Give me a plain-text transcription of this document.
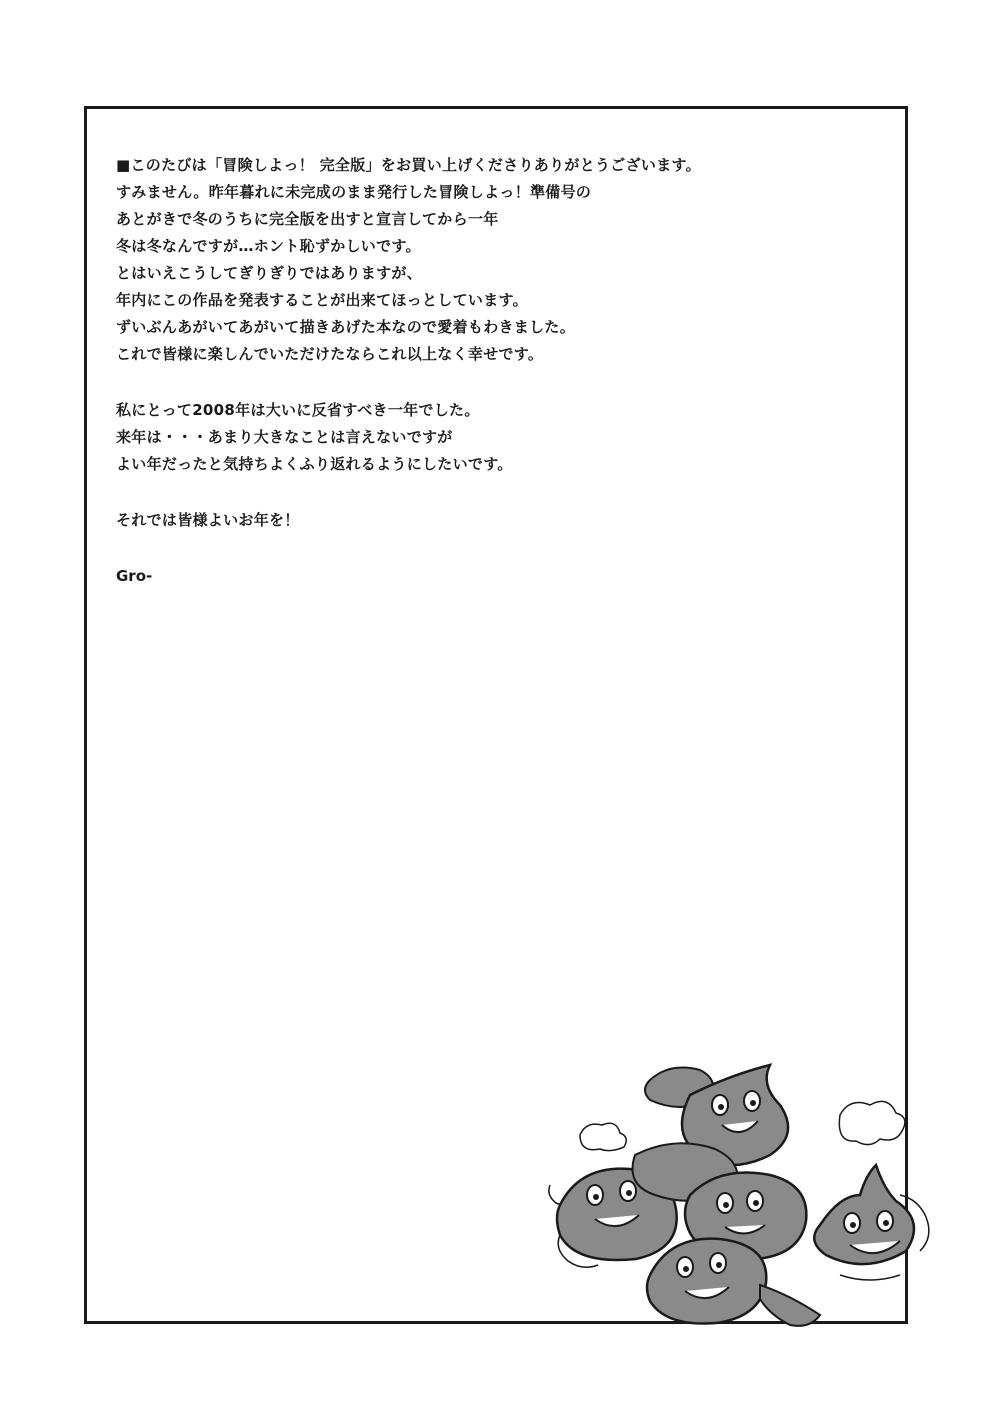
■このたびは「冒険しよっ！ 完全版」をお買い上げくださりありがとうございます。
すみません。昨年暮れに未完成のまま発行した冒険しよっ！準備号の
あとがきで冬のうちに完全版を出すと宣言してから一年
冬は冬なんですが…ホント恥ずかしいです。
とはいえこうしてぎりぎりではありますが、
年内にこの作品を発表することが出来てほっとしています。
ずいぶんあがいてあがいて描きあげた本なので愛着もわきました。
これで皆様に楽しんでいただけたならこれ以上なく幸せです。
私にとって2008年は大いに反省すべき一年でした。
来年は・・・あまり大きなことは言えないですが
よい年だったと気持ちよくふり返れるようにしたいです。
それでは皆様よいお年を！
Gro-
